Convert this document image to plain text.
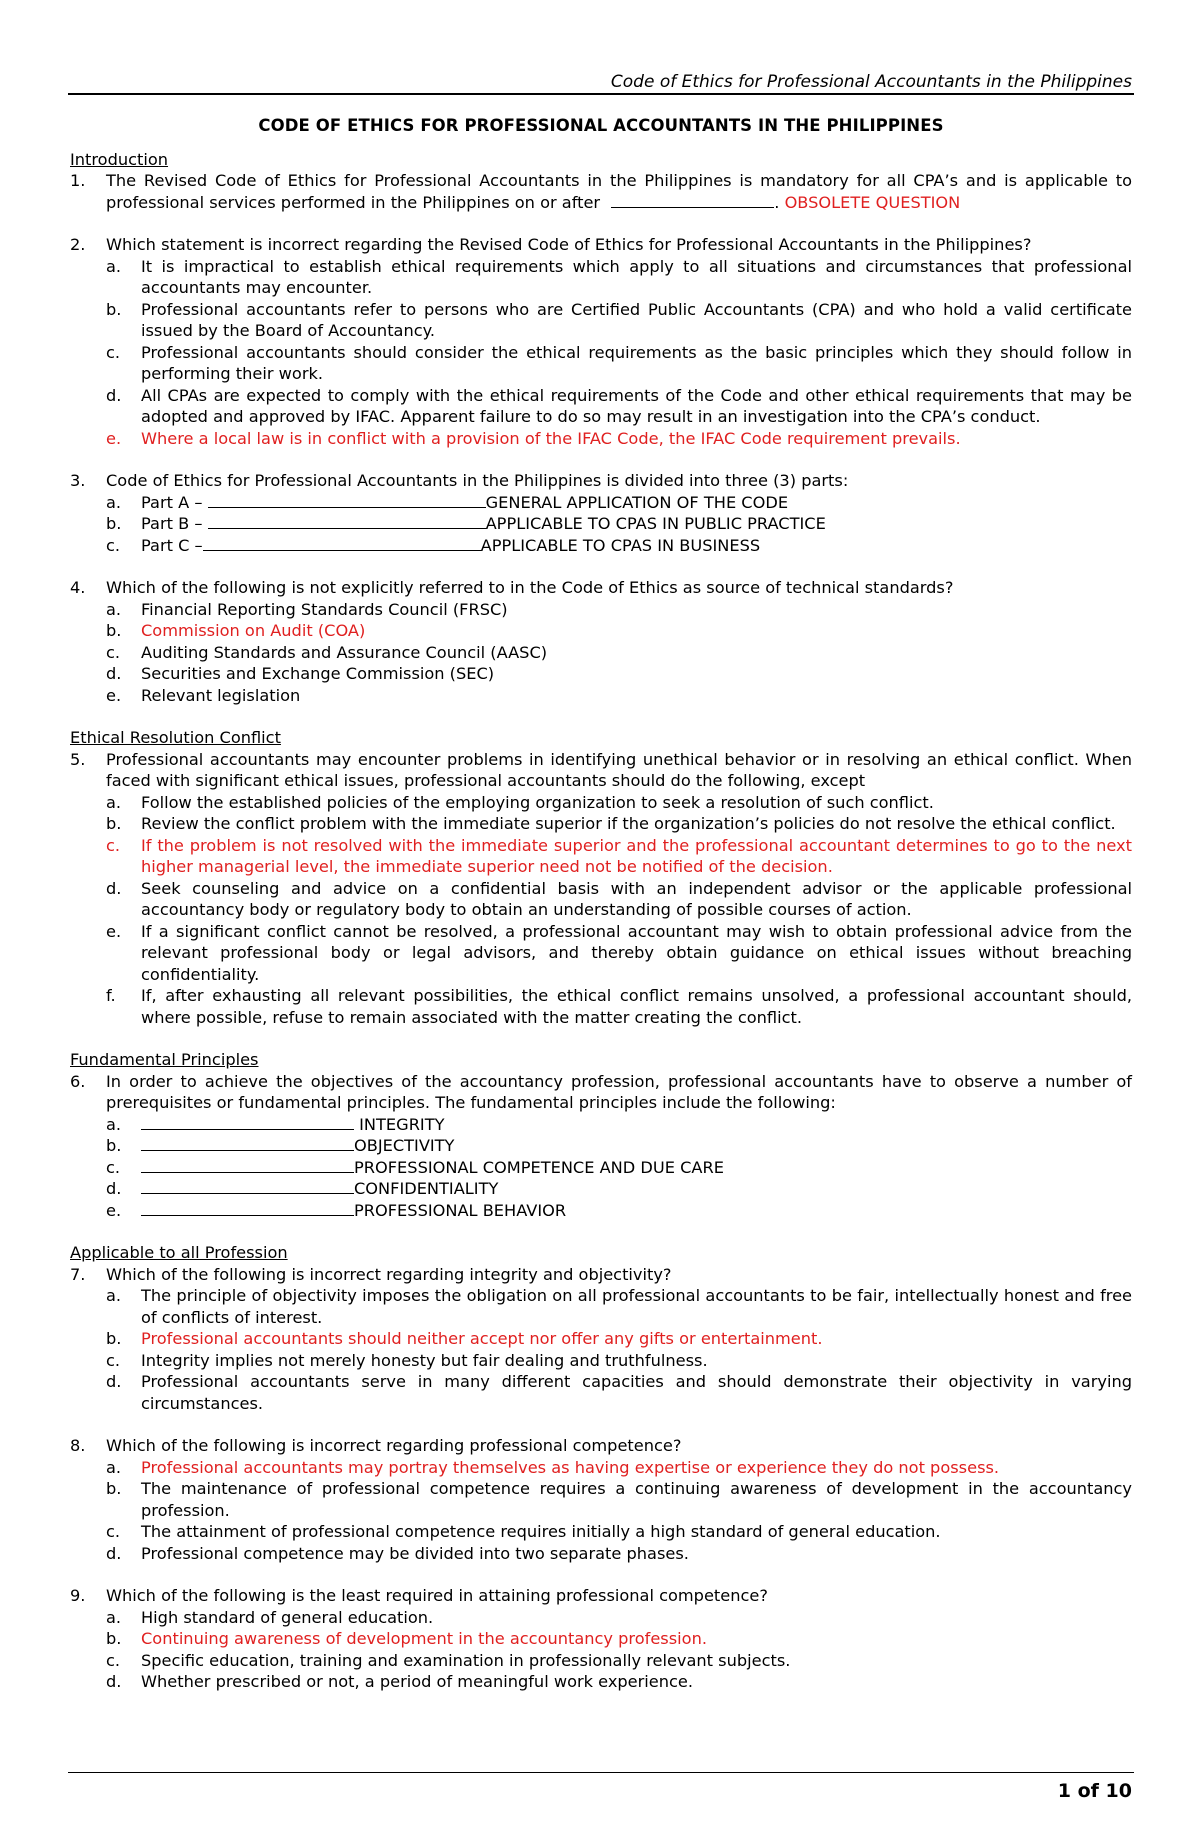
Code of Ethics for Professional Accountants in the Philippines
CODE OF ETHICS FOR PROFESSIONAL ACCOUNTANTS IN THE PHILIPPINES
Introduction
1.	The Revised Code of Ethics for Professional Accountants in the Philippines is mandatory for all CPA’s and is applicable to professional services performed in the Philippines on or after	. OBSOLETE QUESTION
2.	Which statement is incorrect regarding the Revised Code of Ethics for Professional Accountants in the Philippines?
a.	It is impractical to establish ethical requirements which apply to all situations and circumstances that professional accountants may encounter.
b.	Professional accountants refer to persons who are Certified Public Accountants (CPA) and who hold a valid certificate issued by the Board of Accountancy.
c.	Professional accountants should consider the ethical requirements as the basic principles which they should follow in performing their work.
d.	All CPAs are expected to comply with the ethical requirements of the Code and other ethical requirements that may be adopted and approved by IFAC. Apparent failure to do so may result in an investigation into the CPA’s conduct.
e.	Where a local law is in conflict with a provision of the IFAC Code, the IFAC Code requirement prevails.
3.	Code of Ethics for Professional Accountants in the Philippines is divided into three (3) parts:
a.	Part A –	GENERAL APPLICATION OF THE CODE
b.	Part B –	APPLICABLE TO CPAS IN PUBLIC PRACTICE
c.	Part C –	APPLICABLE TO CPAS IN BUSINESS
4.	Which of the following is not explicitly referred to in the Code of Ethics as source of technical standards?
a.	Financial Reporting Standards Council (FRSC)
b.	Commission on Audit (COA)
c.	Auditing Standards and Assurance Council (AASC)
d.	Securities and Exchange Commission (SEC)
e.	Relevant legislation
Ethical Resolution Conflict
5.	Professional accountants may encounter problems in identifying unethical behavior or in resolving an ethical conflict. When faced with significant ethical issues, professional accountants should do the following, except
a.	Follow the established policies of the employing organization to seek a resolution of such conflict.
b.	Review the conflict problem with the immediate superior if the organization’s policies do not resolve the ethical conflict.
c.	If the problem is not resolved with the immediate superior and the professional accountant determines to go to the next higher managerial level, the immediate superior need not be notified of the decision.
d.	Seek counseling and advice on a confidential basis with an independent advisor or the applicable professional accountancy body or regulatory body to obtain an understanding of possible courses of action.
e.	If a significant conflict cannot be resolved, a professional accountant may wish to obtain professional advice from the relevant professional body or legal advisors, and thereby obtain guidance on ethical issues without breaching confidentiality.
f.	If, after exhausting all relevant possibilities, the ethical conflict remains unsolved, a professional accountant should, where possible, refuse to remain associated with the matter creating the conflict.
Fundamental Principles
6.	In order to achieve the objectives of the accountancy profession, professional accountants have to observe a number of prerequisites or fundamental principles. The fundamental principles include the following:
a.	INTEGRITY
b.	OBJECTIVITY
c.	PROFESSIONAL COMPETENCE AND DUE CARE
d.	CONFIDENTIALITY
e.	PROFESSIONAL BEHAVIOR
Applicable to all Profession
7.	Which of the following is incorrect regarding integrity and objectivity?
a.	The principle of objectivity imposes the obligation on all professional accountants to be fair, intellectually honest and free of conflicts of interest.
b.	Professional accountants should neither accept nor offer any gifts or entertainment.
c.	Integrity implies not merely honesty but fair dealing and truthfulness.
d.	Professional accountants serve in many different capacities and should demonstrate their objectivity in varying circumstances.
8.	Which of the following is incorrect regarding professional competence?
a.	Professional accountants may portray themselves as having expertise or experience they do not possess.
b.	The maintenance of professional competence requires a continuing awareness of development in the accountancy profession.
c.	The attainment of professional competence requires initially a high standard of general education.
d.	Professional competence may be divided into two separate phases.
9.	Which of the following is the least required in attaining professional competence?
a.	High standard of general education.
b.	Continuing awareness of development in the accountancy profession.
c.	Specific education, training and examination in professionally relevant subjects.
d.	Whether prescribed or not, a period of meaningful work experience.
1 of 10
